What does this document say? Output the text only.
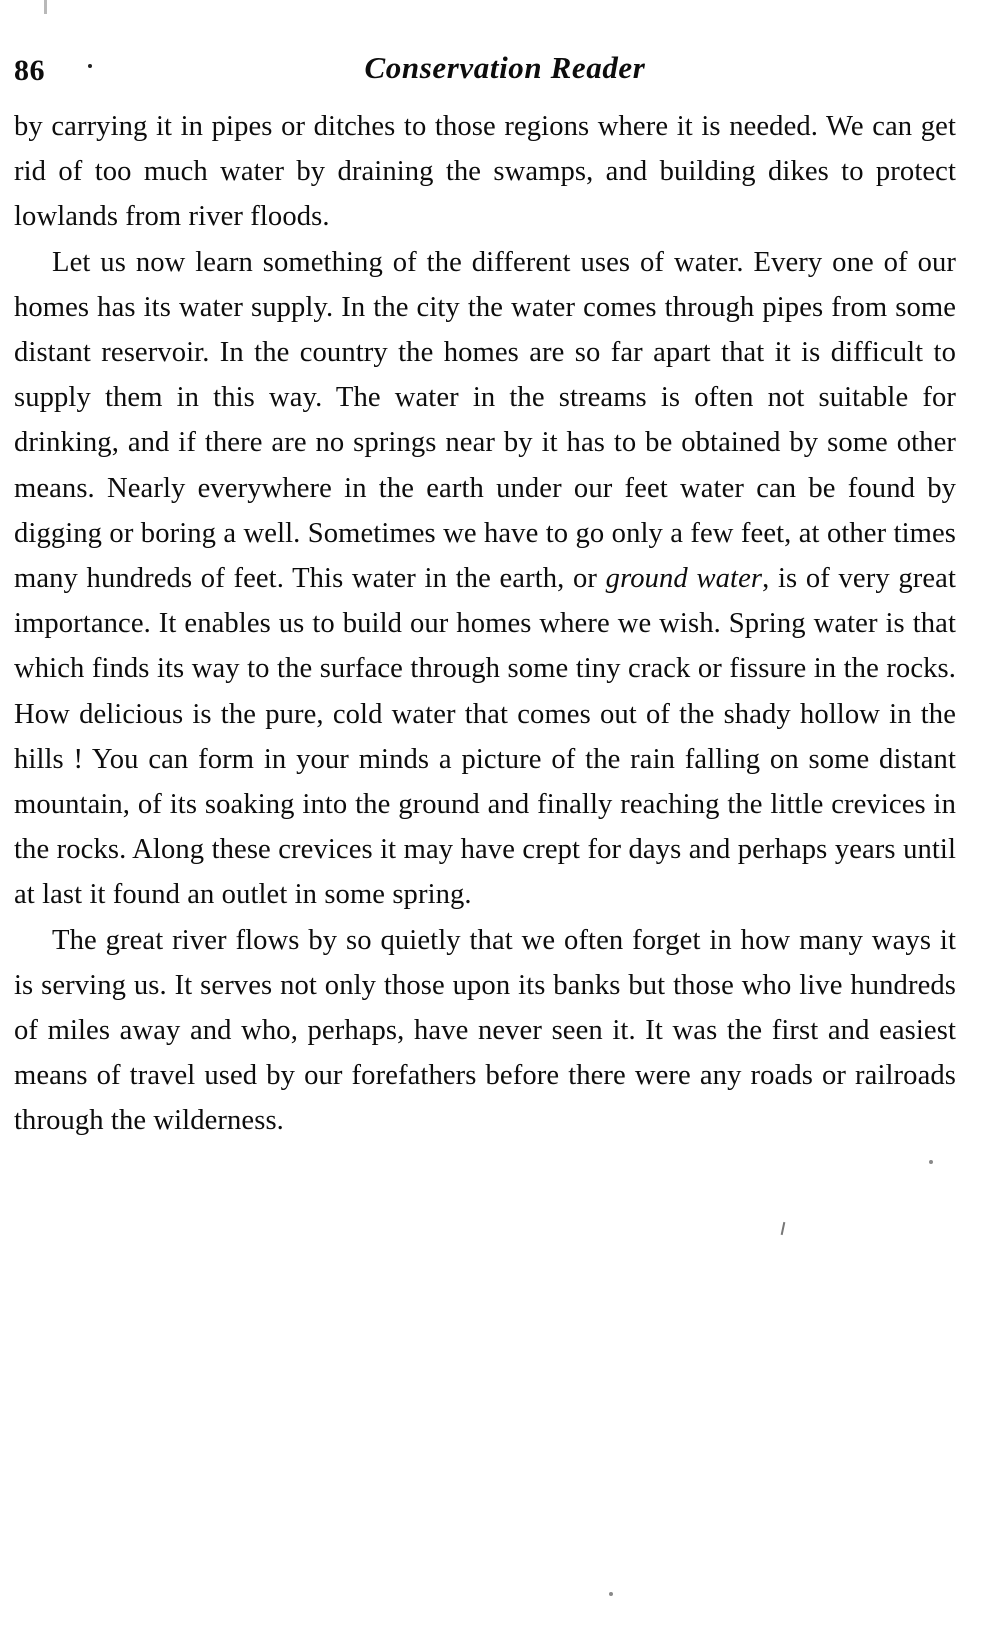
86	Conservation Reader

by carrying it in pipes or ditches to those regions where it is needed. We can get rid of too much water by draining the swamps, and building dikes to protect lowlands from river floods.

Let us now learn something of the different uses of water. Every one of our homes has its water supply. In the city the water comes through pipes from some distant reservoir. In the country the homes are so far apart that it is difficult to supply them in this way. The water in the streams is often not suitable for drinking, and if there are no springs near by it has to be obtained by some other means. Nearly everywhere in the earth under our feet water can be found by digging or boring a well. Sometimes we have to go only a few feet, at other times many hundreds of feet. This water in the earth, or ground water, is of very great importance. It enables us to build our homes where we wish. Spring water is that which finds its way to the surface through some tiny crack or fissure in the rocks. How delicious is the pure, cold water that comes out of the shady hollow in the hills ! You can form in your minds a picture of the rain falling on some distant mountain, of its soaking into the ground and finally reaching the little crevices in the rocks. Along these crevices it may have crept for days and perhaps years until at last it found an outlet in some spring.

The great river flows by so quietly that we often forget in how many ways it is serving us. It serves not only those upon its banks but those who live hundreds of miles away and who, perhaps, have never seen it. It was the first and easiest means of travel used by our forefathers before there were any roads or railroads through the wilderness.
